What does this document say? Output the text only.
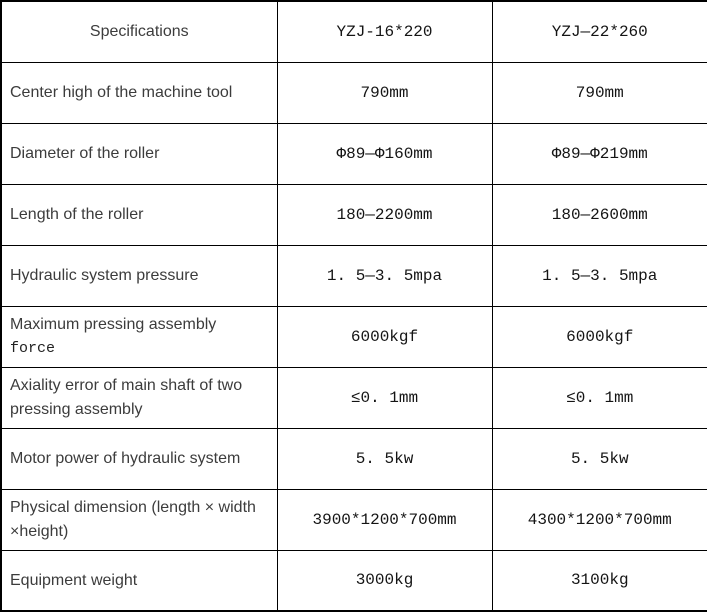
Specifications	YZJ-16*220	YZJ—22*260
Center high of the machine tool	790mm	790mm
Diameter of the roller	Φ89—Φ160mm	Φ89—Φ219mm
Length of the roller	180—2200mm	180—2600mm
Hydraulic system pressure	1. 5—3. 5mpa	1. 5—3. 5mpa
Maximum pressing assembly force	6000kgf	6000kgf
Axiality error of main shaft of two pressing assembly	≤0. 1mm	≤0. 1mm
Motor power of hydraulic system	5. 5kw	5. 5kw
Physical dimension (length × width ×height)	3900*1200*700mm	4300*1200*700mm
Equipment weight	3000kg	3100kg
